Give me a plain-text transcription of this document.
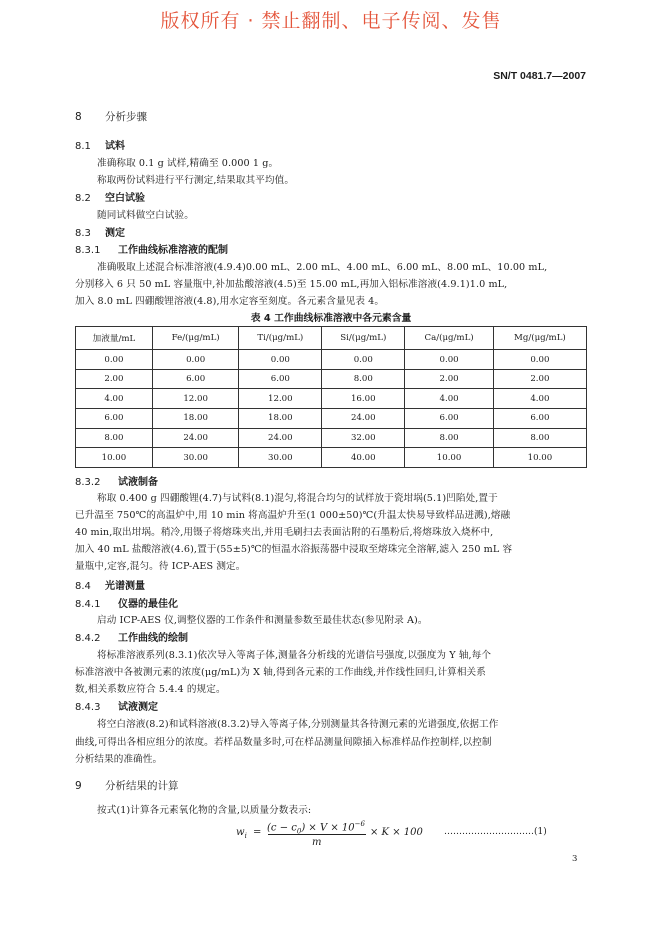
版权所有 · 禁止翻制、电子传阅、发售
SN/T 0481.7—2007
8 分析步骤
8.1 试料
准确称取 0.1 g 试样,精确至 0.000 1 g。
称取两份试料进行平行测定,结果取其平均值。
8.2 空白试验
随同试料做空白试验。
8.3 测定
8.3.1 工作曲线标准溶液的配制
准确吸取上述混合标准溶液(4.9.4)0.00 mL、2.00 mL、4.00 mL、6.00 mL、8.00 mL、10.00 mL,
分别移入 6 只 50 mL 容量瓶中,补加盐酸溶液(4.5)至 15.00 mL,再加入铝标准溶液(4.9.1)1.0 mL,
加入 8.0 mL 四硼酸锂溶液(4.8),用水定容至刻度。各元素含量见表 4。
表 4 工作曲线标准溶液中各元素含量
加液量/mL	Fe/(μg/mL)	Ti/(μg/mL)	Si/(μg/mL)	Ca/(μg/mL)	Mg/(μg/mL)
0.00	0.00	0.00	0.00	0.00	0.00
2.00	6.00	6.00	8.00	2.00	2.00
4.00	12.00	12.00	16.00	4.00	4.00
6.00	18.00	18.00	24.00	6.00	6.00
8.00	24.00	24.00	32.00	8.00	8.00
10.00	30.00	30.00	40.00	10.00	10.00
8.3.2 试液制备
称取 0.400 g 四硼酸锂(4.7)与试料(8.1)混匀,将混合均匀的试样放于瓷坩埚(5.1)凹陷处,置于
已升温至 750℃的高温炉中,用 10 min 将高温炉升至(1 000±50)℃(升温太快易导致样品迸溅),熔融
40 min,取出坩埚。稍冷,用镊子将熔珠夹出,并用毛刷扫去表面沾附的石墨粉后,将熔珠放入烧杯中,
加入 40 mL 盐酸溶液(4.6),置于(55±5)℃的恒温水浴振荡器中浸取至熔珠完全溶解,滤入 250 mL 容
量瓶中,定容,混匀。待 ICP-AES 测定。
8.4 光谱测量
8.4.1 仪器的最佳化
启动 ICP-AES 仪,调整仪器的工作条件和测量参数至最佳状态(参见附录 A)。
8.4.2 工作曲线的绘制
将标准溶液系列(8.3.1)依次导入等离子体,测量各分析线的光谱信号强度,以强度为 Y 轴,每个
标准溶液中各被测元素的浓度(μg/mL)为 X 轴,得到各元素的工作曲线,并作线性回归,计算相关系
数,相关系数应符合 5.4.4 的规定。
8.4.3 试液测定
将空白溶液(8.2)和试料溶液(8.3.2)导入等离子体,分别测量其各待测元素的光谱强度,依据工作
曲线,可得出各相应组分的浓度。若样品数量多时,可在样品测量间隙插入标准样品作控制样,以控制
分析结果的准确性。
9 分析结果的计算
按式(1)计算各元素氧化物的含量,以质量分数表示:
$w_i = (c - c_0) \times V \times 10^{-6}$
m
× K × 100 …………………………(1)
3
